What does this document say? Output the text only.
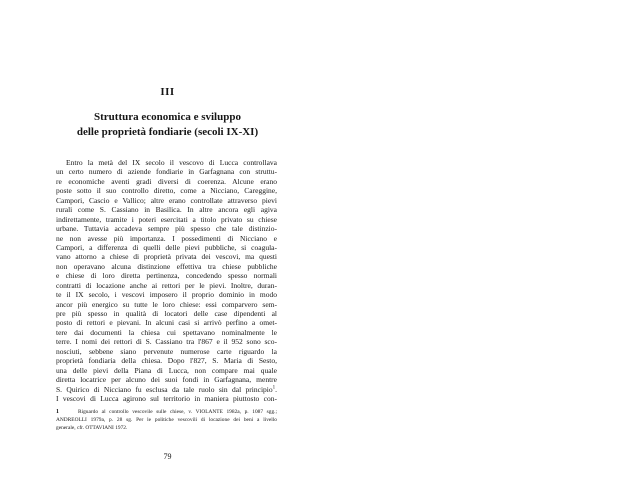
III
Struttura economica e sviluppo
delle proprietà fondiarie (secoli IX-XI)
Entro la metà del IX secolo il vescovo di Lucca controllava
un certo numero di aziende fondiarie in Garfagnana con struttu-
re economiche aventi gradi diversi di coerenza. Alcune erano
poste sotto il suo controllo diretto, come a Nicciano, Careggine,
Campori, Cascio e Vallico; altre erano controllate attraverso pievi
rurali come S. Cassiano in Basilica. In altre ancora egli agiva
indirettamente, tramite i poteri esercitati a titolo privato su chiese
urbane. Tuttavia accadeva sempre più spesso che tale distinzio-
ne non avesse più importanza. I possedimenti di Nicciano e
Campori, a differenza di quelli delle pievi pubbliche, si coagula-
vano attorno a chiese di proprietà privata dei vescovi, ma questi
non operavano alcuna distinzione effettiva tra chiese pubbliche
e chiese di loro diretta pertinenza, concedendo spesso normali
contratti di locazione anche ai rettori per le pievi. Inoltre, duran-
te il IX secolo, i vescovi imposero il proprio dominio in modo
ancor più energico su tutte le loro chiese: essi comparvero sem-
pre più spesso in qualità di locatori delle case dipendenti al
posto di rettori e pievani. In alcuni casi si arrivò perfino a omet-
tere dai documenti la chiesa cui spettavano nominalmente le
terre. I nomi dei rettori di S. Cassiano tra l'867 e il 952 sono sco-
nosciuti, sebbene siano pervenute numerose carte riguardo la
proprietà fondiaria della chiesa. Dopo l'827, S. Maria di Sesto,
una delle pievi della Piana di Lucca, non compare mai quale
diretta locatrice per alcuno dei suoi fondi in Garfagnana, mentre
S. Quirico di Nicciano fu esclusa da tale ruolo sin dal principio$^1$.
I vescovi di Lucca agirono sul territorio in maniera piuttosto con-
1	Riguardo al controllo vescovile sulle chiese, v. VIOLANTE 1982a, p. 1087 sgg.;
ANDREOLLI 1979a, p. 28 sg. Per le politiche vescovili di locazione dei beni a livello
generale, cfr. OTTAVIANI 1972.
79
